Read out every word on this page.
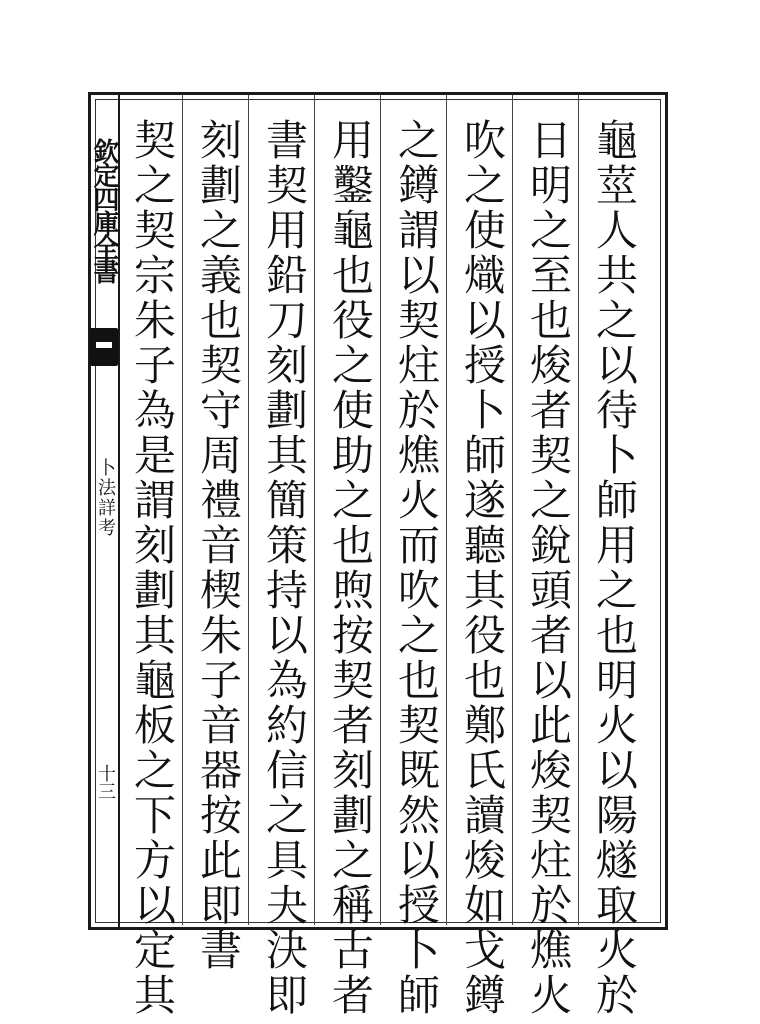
欽定四庫全書
卜法詳考
十三	龜莖人共之以待卜師用之也明火以陽燧取火於
日明之至也焌者契之銳頭者以此焌契炷於燋火
吹之使熾以授卜師遂聽其役也鄭氏讀焌如戈鐏
之鐏謂以契炷於燋火而吹之也契既然以授卜師
用鑿龜也役之使助之也煦按契者刻劃之稱古者
書契用鉛刀刻劃其簡策持以為約信之具夬決即
刻劃之義也契守周禮音楔朱子音器按此即書
契之契宗朱子為是謂刻劃其龜板之下方以定其
